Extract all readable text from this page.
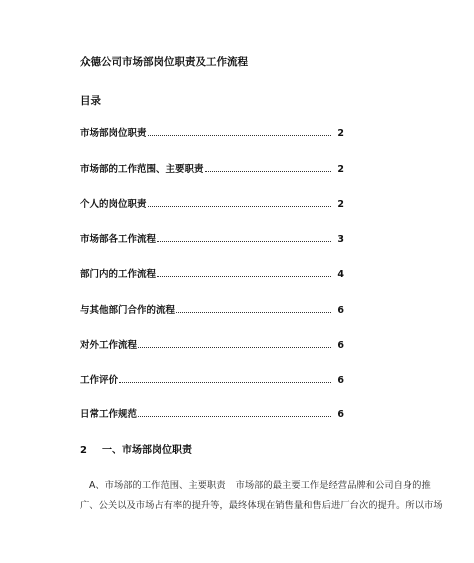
众德公司市场部岗位职责及工作流程
目录
市场部岗位职责	2
市场部的工作范围、主要职责	2
个人的岗位职责	2
市场部各工作流程	3
部门内的工作流程	4
与其他部门合作的流程	6
对外工作流程	6
工作评价	6
日常工作规范	6
2 一、市场部岗位职责
A、市场部的工作范围、主要职责 市场部的最主要工作是经营品牌和公司自身的推
广、公关以及市场占有率的提升等，最终体现在销售量和售后进厂台次的提升。所以市场
